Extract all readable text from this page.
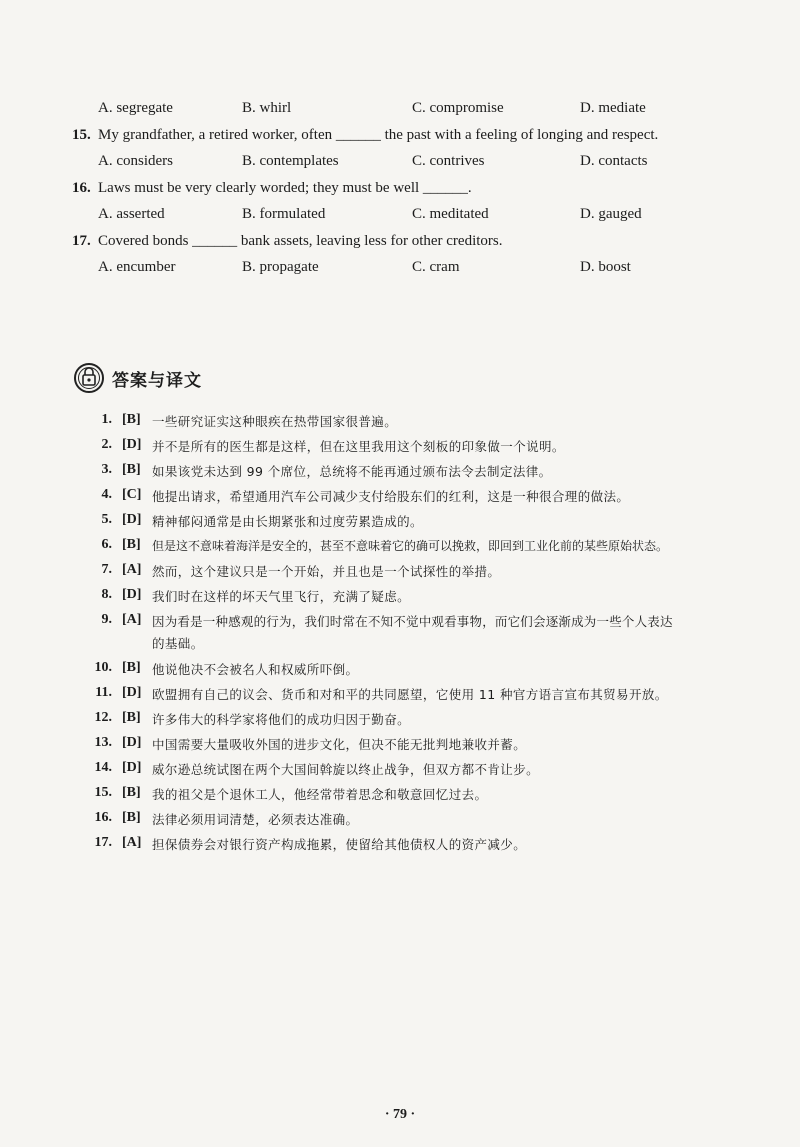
A. segregate	B. whirl	C. compromise	D. mediate
15. My grandfather, a retired worker, often ______ the past with a feeling of longing and respect.
A. considers	B. contemplates	C. contrives	D. contacts
16. Laws must be very clearly worded; they must be well ______.
A. asserted	B. formulated	C. meditated	D. gauged
17. Covered bonds ______ bank assets, leaving less for other creditors.
A. encumber	B. propagate	C. cram	D. boost
答案与译文
1. [B] 一些研究证实这种眼疾在热带国家很普遍。
2. [D] 并不是所有的医生都是这样，但在这里我用这个刻板的印象做一个说明。
3. [B] 如果该党未达到 99 个席位，总统将不能再通过颁布法令去制定法律。
4. [C] 他提出请求，希望通用汽车公司减少支付给股东们的红利，这是一种很合理的做法。
5. [D] 精神郁闷通常是由长期紧张和过度劳累造成的。
6. [B] 但是这不意味着海洋是安全的，甚至不意味着它的确可以挽救，即回到工业化前的某些原始状态。
7. [A] 然而，这个建议只是一个开始，并且也是一个试探性的举措。
8. [D] 我们时在这样的坏天气里飞行，充满了疑虑。
9. [A] 因为看是一种感观的行为，我们时常在不知不觉中观看事物，而它们会逐渐成为一些个人表达
的基础。
10. [B] 他说他决不会被名人和权威所吓倒。
11. [D] 欧盟拥有自己的议会、货币和对和平的共同愿望，它使用 11 种官方语言宣布其贸易开放。
12. [B] 许多伟大的科学家将他们的成功归因于勤奋。
13. [D] 中国需要大量吸收外国的进步文化，但决不能无批判地兼收并蓄。
14. [D] 威尔逊总统试图在两个大国间斡旋以终止战争，但双方都不肯让步。
15. [B] 我的祖父是个退休工人，他经常带着思念和敬意回忆过去。
16. [B] 法律必须用词清楚，必须表达准确。
17. [A] 担保债券会对银行资产构成拖累，使留给其他债权人的资产减少。
· 79 ·
